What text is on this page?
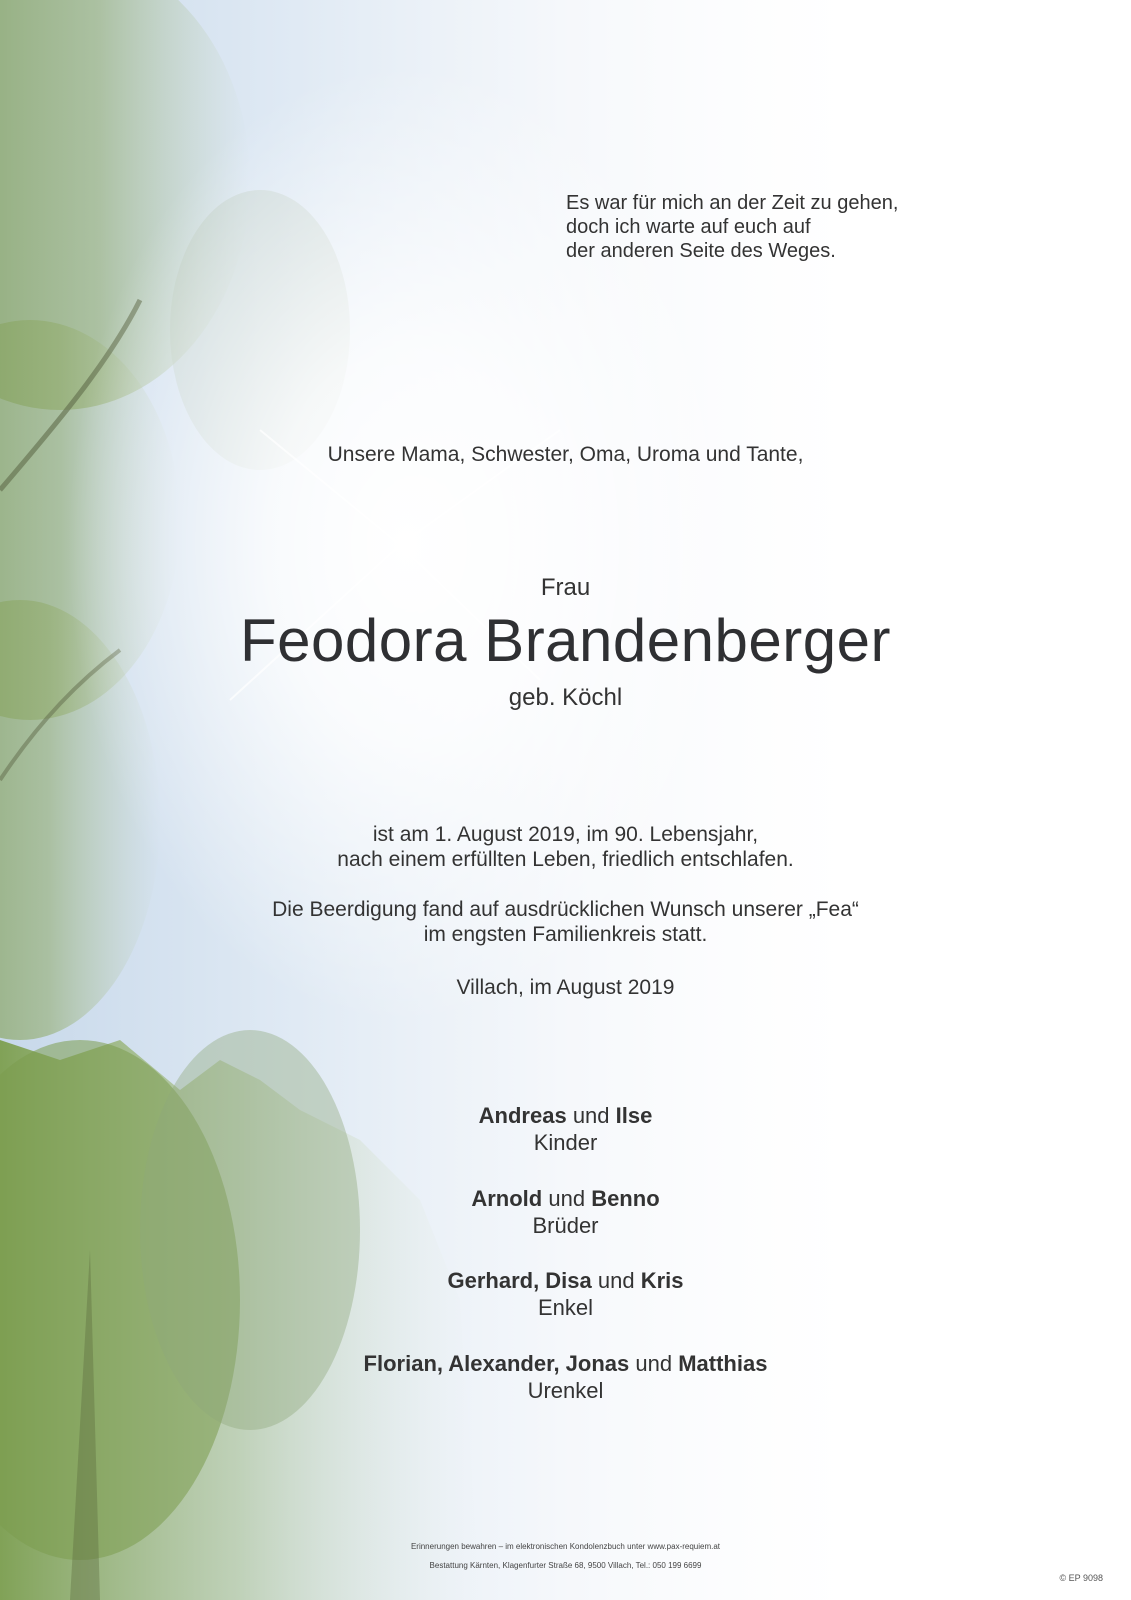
Es war für mich an der Zeit zu gehen,
doch ich warte auf euch auf
der anderen Seite des Weges.
Unsere Mama, Schwester, Oma, Uroma und Tante,
Frau
Feodora Brandenberger
geb. Köchl
ist am 1. August 2019, im 90. Lebensjahr,
nach einem erfüllten Leben, friedlich entschlafen.
Die Beerdigung fand auf ausdrücklichen Wunsch unserer „Fea“
im engsten Familienkreis statt.
Villach, im August 2019
Andreas und Ilse
Kinder
Arnold und Benno
Brüder
Gerhard, Disa und Kris
Enkel
Florian, Alexander, Jonas und Matthias
Urenkel
Erinnerungen bewahren – im elektronischen Kondolenzbuch unter www.pax-requiem.at
Bestattung Kärnten, Klagenfurter Straße 68, 9500 Villach, Tel.: 050 199 6699
© EP 9098
